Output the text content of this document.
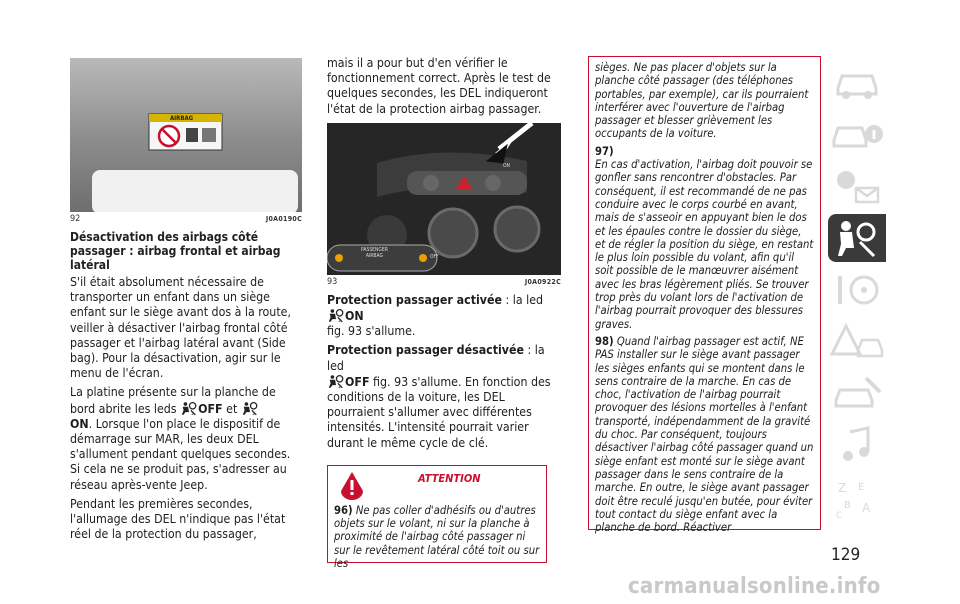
AIRBAG
92	J0A0190C
Désactivation des airbags côté passager : airbag frontal et airbag latéral

S'il était absolument nécessaire de transporter un enfant dans un siège enfant sur le siège avant dos à la route, veiller à désactiver l'airbag frontal côté passager et l'airbag latéral avant (Side bag). Pour la désactivation, agir sur le menu de l'écran.

La platine présente sur la planche de bord abrite les leds OFF et
ON. Lorsque l'on place le dispositif de démarrage sur MAR, les deux DEL s'allument pendant quelques secondes. Si cela ne se produit pas, s'adresser au réseau après-vente Jeep.

Pendant les premières secondes, l'allumage des DEL n'indique pas l'état réel de la protection du passager,

mais il a pour but d'en vérifier le fonctionnement correct. Après le test de quelques secondes, les DEL indiqueront l'état de la protection airbag passager.

PASSENGER
AIRBAG
ON
OFF
93	J0A0922C

Protection passager activée : la led ON
fig. 93 s'allume.

Protection passager désactivée : la led
OFF fig. 93 s'allume. En fonction des conditions de la voiture, les DEL pourraient s'allumer avec différentes intensités. L'intensité pourrait varier durant le même cycle de clé.

ATTENTION

96) Ne pas coller d'adhésifs ou d'autres objets sur le volant, ni sur la planche à proximité de l'airbag côté passager ni sur le revêtement latéral côté toit ou sur les

sièges. Ne pas placer d'objets sur la planche côté passager (des téléphones portables, par exemple), car ils pourraient interférer avec l'ouverture de l'airbag passager et blesser grièvement les occupants de la voiture.

97)
En cas d'activation, l'airbag doit pouvoir se gonfler sans rencontrer d'obstacles. Par conséquent, il est recommandé de ne pas conduire avec le corps courbé en avant, mais de s'asseoir en appuyant bien le dos et les épaules contre le dossier du siège, et de régler la position du siège, en restant le plus loin possible du volant, afin qu'il soit possible de le manœuvrer aisément avec les bras légèrement pliés. Se trouver trop près du volant lors de l'activation de l'airbag pourrait provoquer des blessures graves.

98) Quand l'airbag passager est actif, NE PAS installer sur le siège avant passager les sièges enfants qui se montent dans le sens contraire de la marche. En cas de choc, l'activation de l'airbag pourrait provoquer des lésions mortelles à l'enfant transporté, indépendamment de la gravité du choc. Par conséquent, toujours désactiver l'airbag côté passager quand un siège enfant est monté sur le siège avant passager dans le sens contraire de la marche. En outre, le siège avant passager doit être reculé jusqu'en butée, pour éviter tout contact du siège enfant avec la planche de bord. Réactiver

Z E
B A
C
129
carmanualsonline.info
